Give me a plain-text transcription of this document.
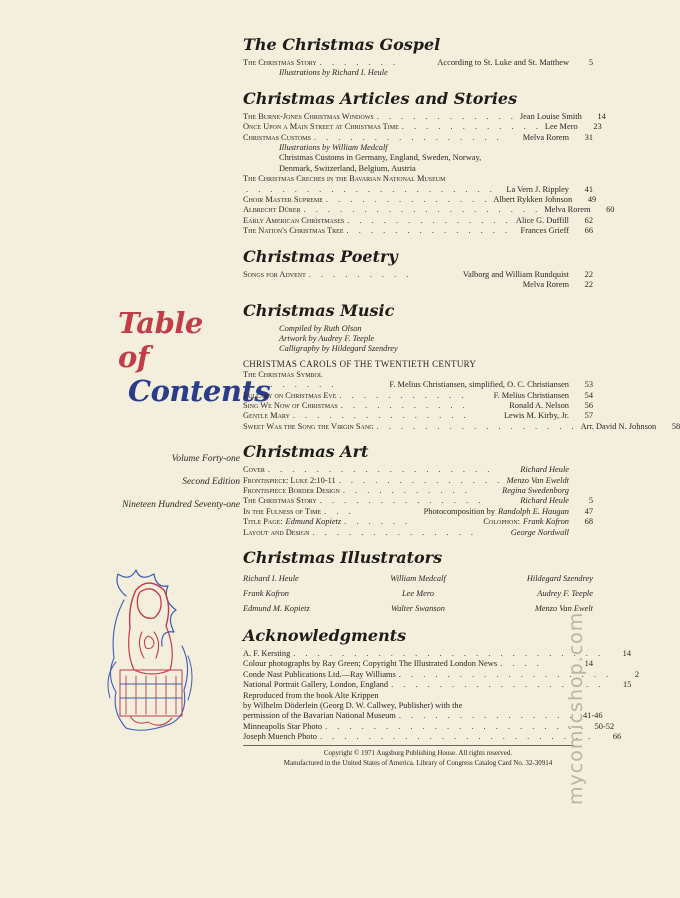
Table of
Contents
Volume Forty-one
Second Edition
Nineteen Hundred Seventy-one
The Christmas Gospel
The Christmas Story . . . . . . .	According to St. Luke and St. Matthew	5
Illustrations by Richard I. Heule
Christmas Articles and Stories
The Burne-Jones Christmas Windows . . . . . . . . . . . . Jean Louise Smith	14
Once Upon a Main Street at Christmas Time . . . . . . . . . . . . Lee Mero	23
Christmas Customs . . . . . . . . . . . . . . . .	Melva Rorem	31
Illustrations by William Medcalf
Christmas Customs in Germany, England, Sweden, Norway,
Denmark, Switzerland, Belgium, Austria
The Christmas Creches in the Bavarian National Museum
. . . . . . . . . . . . . . . . . . . . .	La Vern J. Rippley	41
Choir Master Supreme . . . . . . . . . . . . . . Albert Rykken Johnson	49
Albrecht Dürer . . . . . . . . . . . . . . . . . . . . Melva Rorem	60
Early American Christmases . . . . . . . . . . . . . . Alice G. Duffill	62
The Nation's Christmas Tree . . . . . . . . . . . . . .	Frances Grieff	66
Christmas Poetry
Songs for Advent . . . . . . . . .	Valborg and William Rundquist	22
Melva Rorem	22
Christmas Music
Compiled by Ruth Olson
Artwork by Audrey F. Teeple
Calligraphy by Hildegard Szendrey
CHRISTMAS CAROLS OF THE TWENTIETH CENTURY
The Christmas Symbol
. . . . . . . .	F. Melius Christiansen, simplified, O. C. Christiansen	53
Lullaby on Christmas Eve . . . . . . . . . . .	F. Melius Christiansen	54
Sing We Now of Christmas . . . . . . . . . . .	Ronald A. Nelson	56
Gentle Mary . . . . . . . . . . . . . . .	Lewis M. Kirby, Jr.	57
Sweet Was the Song the Virgin Sang . . . . . . . . . . . . . . . . . Arr. David N. Johnson	58
Christmas Art
Cover . . . . . . . . . . . . . . . . . . .	Richard Heule
Frontispiece: Luke 2:10-11 . . . . . . . . . . . . . . Menzo Van Eweldt
Frontispiece Border Design . . . . . . . . . . .	Regina Swedenborg
The Christmas Story . . . . . . . . . . . . . .	Richard Heule	5
In the Fulness of Time . . .	Photocomposition by Randolph E. Haugan	47
Title Page: Edmund Kopietz . . . . . .	Colophon: Frank Kofron	68
Layout and Design . . . . . . . . . . . . . .	George Nordwall
Christmas Illustrators
Richard I. Heule	William Medcalf	Hildegard Szendrey
Frank Kofron	Lee Mero	Audrey F. Teeple
Edmund M. Kopietz	Walter Swanson	Menzo Van Ewelt
Acknowledgments
A. F. Kersting . . . . . . . . . . . . . . . . . . . . . . . . . .	14
Colour photographs by Ray Green; Copyright The Illustrated London News . . . .	14
Conde Nast Publications Ltd.—Ray Williams . . . . . . . . . . . . . . . . . .	2
National Portrait Gallery, London, England . . . . . . . . . . . . . . . . . .	15
Reproduced from the book Alte Krippen
by Wilhelm Döderlein (Georg D. W. Callwey, Publisher) with the
permission of the Bavarian National Museum . . . . . . . . . . . . . . . 41-46
Minneapolis Star Photo . . . . . . . . . . . . . . . . . . . . . . 50-52
Joseph Muench Photo . . . . . . . . . . . . . . . . . . . . . . .	66
Copyright © 1971 Augsburg Publishing House. All rights reserved.
Manufactured in the United States of America. Library of Congress Catalog Card No. 32-30914 mycomicshop.com
